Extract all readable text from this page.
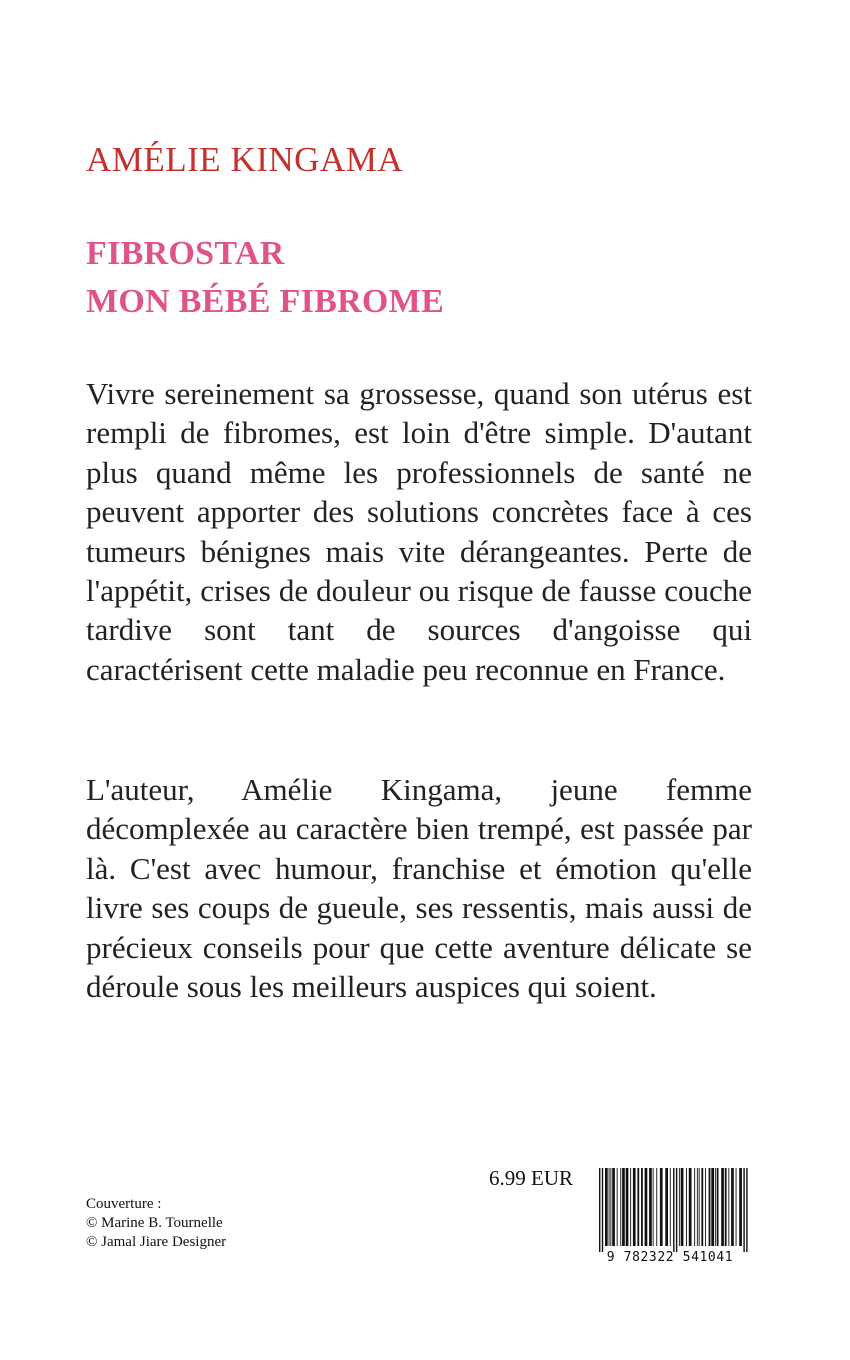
AMÉLIE KINGAMA
FIBROSTAR
MON BÉBÉ FIBROME

Vivre sereinement sa grossesse, quand son utérus est rempli de fibromes, est loin d'être simple. D'autant plus quand même les professionnels de santé ne peuvent apporter des solutions concrètes face à ces tumeurs bénignes mais vite dérangeantes. Perte de l'appétit, crises de douleur ou risque de fausse couche tardive sont tant de sources d'angoisse qui caractérisent cette maladie peu reconnue en France.

L'auteur, Amélie Kingama, jeune femme décomplexée au caractère bien trempé, est passée par là. C'est avec humour, franchise et émotion qu'elle livre ses coups de gueule, ses ressentis, mais aussi de précieux conseils pour que cette aventure délicate se déroule sous les meilleurs auspices qui soient.

6.99 EUR
Couverture :
© Marine B. Tournelle
© Jamal Jiare Designer
9 782322 541041
